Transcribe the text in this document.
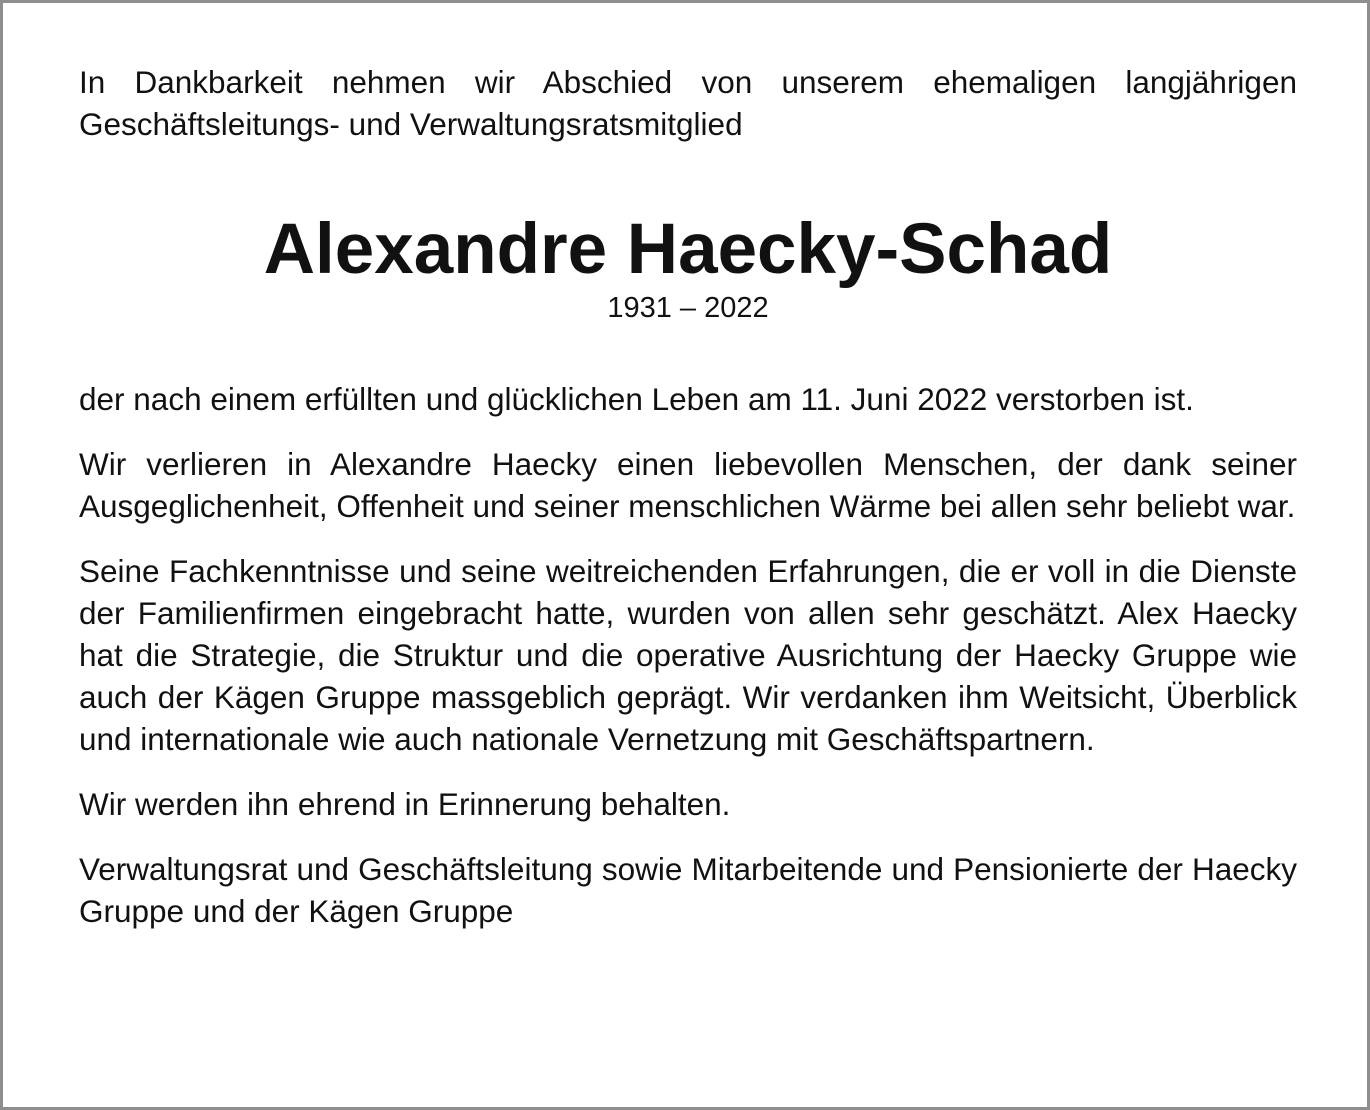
In Dankbarkeit nehmen wir Abschied von unserem ehemaligen langjährigen Geschäftsleitungs- und Verwaltungsratsmitglied

Alexandre Haecky-Schad
1931 – 2022

der nach einem erfüllten und glücklichen Leben am 11. Juni 2022 verstorben ist.

Wir verlieren in Alexandre Haecky einen liebevollen Menschen, der dank seiner Ausgeglichenheit, Offenheit und seiner menschlichen Wärme bei allen sehr beliebt war.

Seine Fachkenntnisse und seine weitreichenden Erfahrungen, die er voll in die Dienste der Familienfirmen eingebracht hatte, wurden von allen sehr geschätzt. Alex Haecky hat die Strategie, die Struktur und die operative Ausrichtung der Haecky Gruppe wie auch der Kägen Gruppe massgeblich geprägt. Wir verdanken ihm Weitsicht, Überblick und internationale wie auch nationale Vernetzung mit Geschäftspartnern.

Wir werden ihn ehrend in Erinnerung behalten.

Verwaltungsrat und Geschäftsleitung sowie Mitarbeitende und Pensionierte der Haecky Gruppe und der Kägen Gruppe
